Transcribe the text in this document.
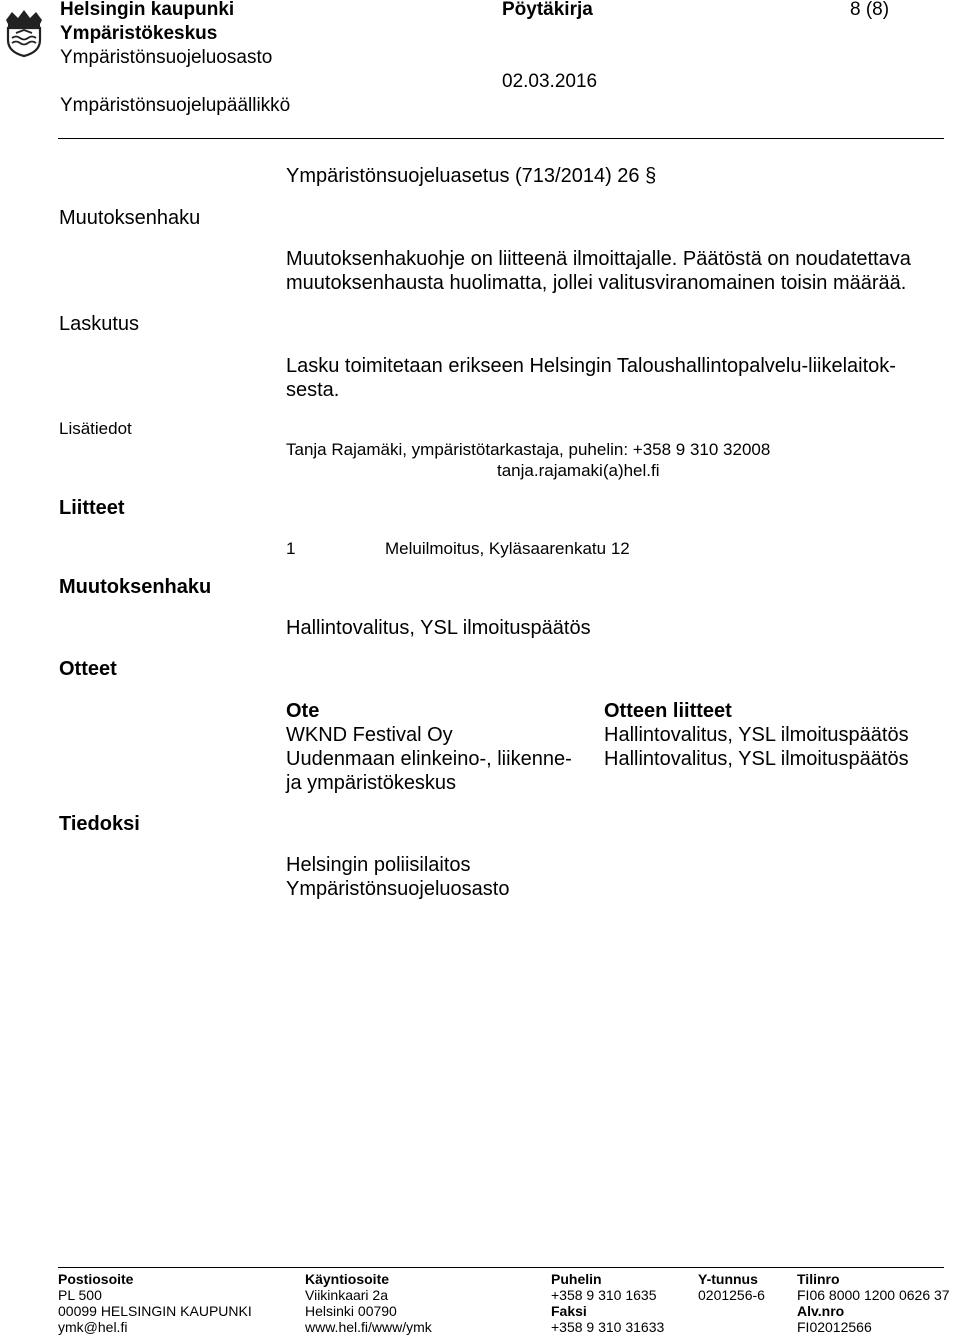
Helsingin kaupunki
Ympäristökeskus
Ympäristönsuojeluosasto
Ympäristönsuojelupäällikkö
Pöytäkirja	8 (8)
02.03.2016
Ympäristönsuojeluasetus (713/2014) 26 §
Muutoksenhaku
Muutoksenhakuohje on liitteenä ilmoittajalle. Päätöstä on noudatettava
muutoksenhausta huolimatta, jollei valitusviranomainen toisin määrää.
Laskutus
Lasku toimitetaan erikseen Helsingin Taloushallintopalvelu-liikelaitok-
sesta.
Lisätiedot
Tanja Rajamäki, ympäristötarkastaja, puhelin: +358 9 310 32008
tanja.rajamaki(a)hel.fi
Liitteet
1	Meluilmoitus, Kyläsaarenkatu 12
Muutoksenhaku
Hallintovalitus, YSL ilmoituspäätös
Otteet
Ote
WKND Festival Oy
Uudenmaan elinkeino-, liikenne-
ja ympäristökeskus
Otteen liitteet
Hallintovalitus, YSL ilmoituspäätös
Hallintovalitus, YSL ilmoituspäätös
Tiedoksi
Helsingin poliisilaitos
Ympäristönsuojeluosasto
Postiosoite
PL 500
00099 HELSINGIN KAUPUNKI
ymk@hel.fi
Käyntiosoite
Viikinkaari 2a
Helsinki 00790
www.hel.fi/www/ymk
Puhelin
+358 9 310 1635
Faksi
+358 9 310 31633
Y-tunnus
0201256-6
Tilinro
FI06 8000 1200 0626 37
Alv.nro
FI02012566
